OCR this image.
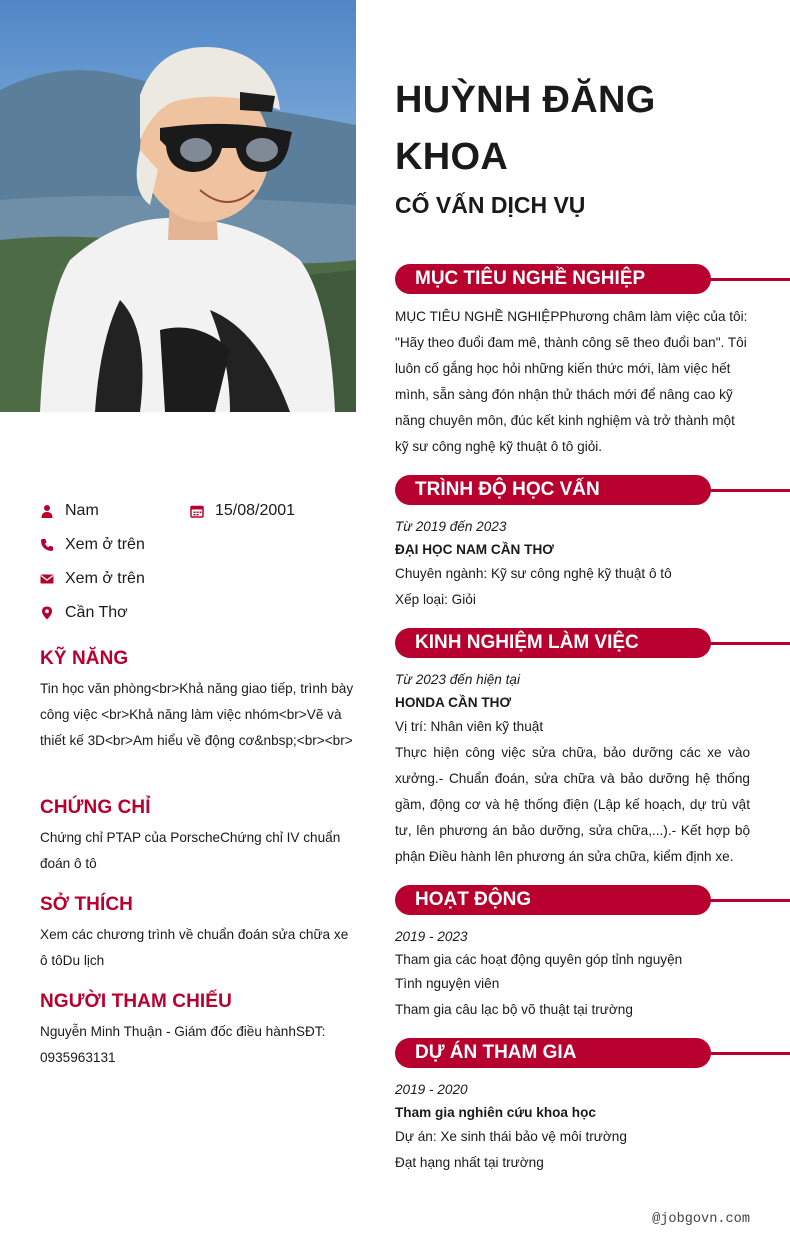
Nam	15/08/2001
Xem ở trên
Xem ở trên
Cần Thơ
KỸ NĂNG

Tin học văn phòng<br>Khả năng giao tiếp, trình bày công việc <br>Khả năng làm việc nhóm<br>Vẽ và thiết kế 3D<br>Am hiểu về động cơ&nbsp;<br><br>

CHỨNG CHỈ

Chứng chỉ PTAP của PorscheChứng chỉ IV chuẩn đoán ô tô

SỞ THÍCH

Xem các chương trình về chuẩn đoán sửa chữa xe ô tôDu lịch

NGƯỜI THAM CHIẾU

Nguyễn Minh Thuận - Giám đốc điều hànhSĐT: 0935963131

HUỲNH ĐĂNG KHOA
CỐ VẤN DỊCH VỤ
MỤC TIÊU NGHỀ NGHIỆP
MỤC TIÊU NGHỀ NGHIỆPPhương châm làm việc của tôi: "Hãy theo đuổi đam mê, thành công sẽ theo đuổi ban". Tôi luôn cố gắng học hỏi những kiến thức mới, làm việc hết mình, sẵn sàng đón nhận thử thách mới để nâng cao kỹ năng chuyên môn, đúc kết kinh nghiệm và trở thành một kỹ sư công nghệ kỹ thuật ô tô giỏi.
TRÌNH ĐỘ HỌC VẤN
Từ 2019 đến 2023
ĐẠI HỌC NAM CẦN THƠ
Chuyên ngành: Kỹ sư công nghệ kỹ thuật ô tô
Xếp loại: Giỏi
KINH NGHIỆM LÀM VIỆC
Từ 2023 đến hiện tại
HONDA CẦN THƠ
Vị trí: Nhân viên kỹ thuật
Thực hiện công việc sửa chữa, bảo dưỡng các xe vào xưởng.- Chuẩn đoán, sửa chữa và bảo dưỡng hệ thống gầm, động cơ và hệ thống điện (Lập kế hoạch, dự trù vật tư, lên phương án bảo dưỡng, sửa chữa,...).- Kết hợp bộ phận Điều hành lên phương án sửa chữa, kiểm định xe.
HOẠT ĐỘNG
2019 - 2023
Tham gia các hoạt động quyên góp tỉnh nguyện
Tình nguyện viên
Tham gia câu lạc bộ võ thuật tại trường
DỰ ÁN THAM GIA
2019 - 2020
Tham gia nghiên cứu khoa học
Dự án: Xe sinh thái bảo vệ môi trường
Đạt hạng nhất tại trường
@jobgovn.com
